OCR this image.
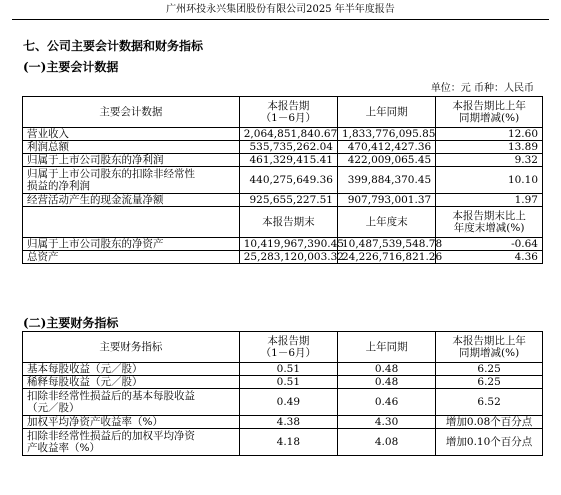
广州环投永兴集团股份有限公司2025 年半年度报告
七、公司主要会计数据和财务指标
(一)主要会计数据
单位：元 币种：人民币
主要会计数据	本报告期
（1－6月）	上年同期	本报告期比上年
同期增减(%)
营业收入	2,064,851,840.67	1,833,776,095.85	12.60
利润总额	535,735,262.04	470,412,427.36	13.89
归属于上市公司股东的净利润	461,329,415.41	422,009,065.45	9.32
归属于上市公司股东的扣除非经常性
损益的净利润	440,275,649.36	399,884,370.45	10.10
经营活动产生的现金流量净额	925,655,227.51	907,793,001.37	1.97
	本报告期末	上年度末	本报告期末比上
年度末增减(%)
归属于上市公司股东的净资产	10,419,967,390.45	10,487,539,548.78	-0.64
总资产	25,283,120,003.32	24,226,716,821.26	4.36
(二)主要财务指标
主要财务指标	本报告期
（1－6月）	上年同期	本报告期比上年
同期增减(%)
基本每股收益（元／股）	0.51	0.48	6.25
稀释每股收益（元／股）	0.51	0.48	6.25
扣除非经常性损益后的基本每股收益
（元／股）	0.49	0.46	6.52
加权平均净资产收益率（%）	4.38	4.30	增加0.08个百分点
扣除非经常性损益后的加权平均净资
产收益率（%）	4.18	4.08	增加0.10个百分点
